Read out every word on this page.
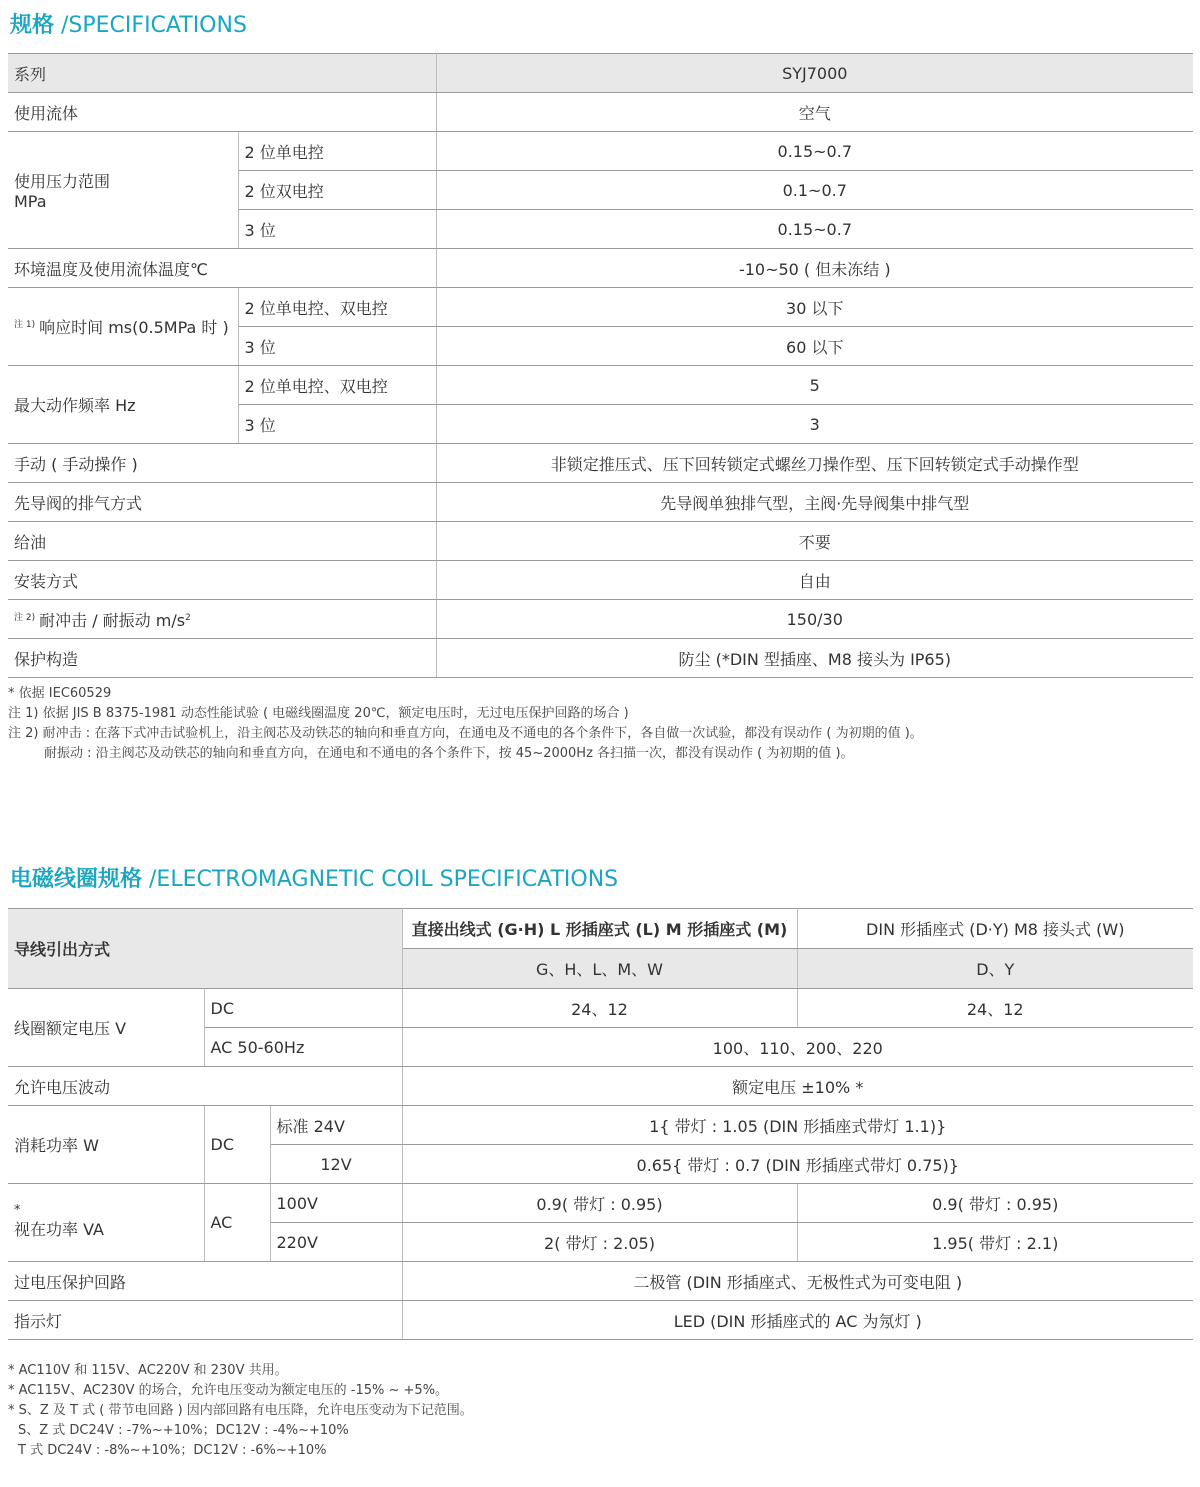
规格 /SPECIFICATIONS
系列		SYJ7000
使用流体		空气

使用压力范围
MPa	2 位单电控	0.15~0.7
	2 位双电控	0.1~0.7
	3 位	0.15~0.7
环境温度及使用流体温度℃		-10~50 ( 但未冻结 )
$^{注 1)}$ 响应时间 ms(0.5MPa 时 )	2 位单电控、双电控	30 以下
	3 位	60 以下
最大动作频率 Hz	2 位单电控、双电控	5
	3 位	3
手动 ( 手动操作 )		非锁定推压式、压下回转锁定式螺丝刀操作型、压下回转锁定式手动操作型
先导阀的排气方式		先导阀单独排气型，主阀·先导阀集中排气型
给油		不要
安装方式		自由
$^{注 2)}$ 耐冲击 / 耐振动 $m/s^2$		150/30
保护构造		防尘 (*DIN 型插座、M8 接头为 IP65)
* 依据 IEC60529
注 1) 依据 JIS B 8375-1981 动态性能试验 ( 电磁线圈温度 20℃，额定电压时，无过电压保护回路的场合 )
注 2) 耐冲击 : 在落下式冲击试验机上，沿主阀芯及动铁芯的轴向和垂直方向，在通电及不通电的各个条件下，各自做一次试验，都没有误动作 ( 为初期的值 )。
耐振动 : 沿主阀芯及动铁芯的轴向和垂直方向，在通电和不通电的各个条件下，按 45~2000Hz 各扫描一次，都没有误动作 ( 为初期的值 )。
电磁线圈规格 /ELECTROMAGNETIC COIL SPECIFICATIONS
导线引出方式			直接出线式 (G·H) L 形插座式 (L) M 形插座式 (M)	DIN 形插座式 (D·Y) M8 接头式 (W)
			G、H、L、M、W	D、Y
线圈额定电压 V	DC		24、12	24、12
	AC 50-60Hz		100、110、200、220	
允许电压波动			额定电压 ±10% *	
消耗功率 W	DC	标准 24V	1{ 带灯 : 1.05 (DIN 形插座式带灯 1.1)}	
		12V	0.65{ 带灯 : 0.7 (DIN 形插座式带灯 0.75)}	

*
视在功率 VA	AC	100V	0.9( 带灯 : 0.95)	0.9( 带灯 : 0.95)
		220V	2( 带灯 : 2.05)	1.95( 带灯 : 2.1)
过电压保护回路			二极管 (DIN 形插座式、无极性式为可变电阻 )	
指示灯			LED (DIN 形插座式的 AC 为氖灯 )	
* AC110V 和 115V、AC220V 和 230V 共用。
* AC115V、AC230V 的场合，允许电压变动为额定电压的 -15% ~ +5%。
* S、Z 及 T 式 ( 带节电回路 ) 因内部回路有电压降，允许电压变动为下记范围。
S、Z 式 DC24V : -7%~+10%；DC12V : -4%~+10%
T 式 DC24V : -8%~+10%；DC12V : -6%~+10%
